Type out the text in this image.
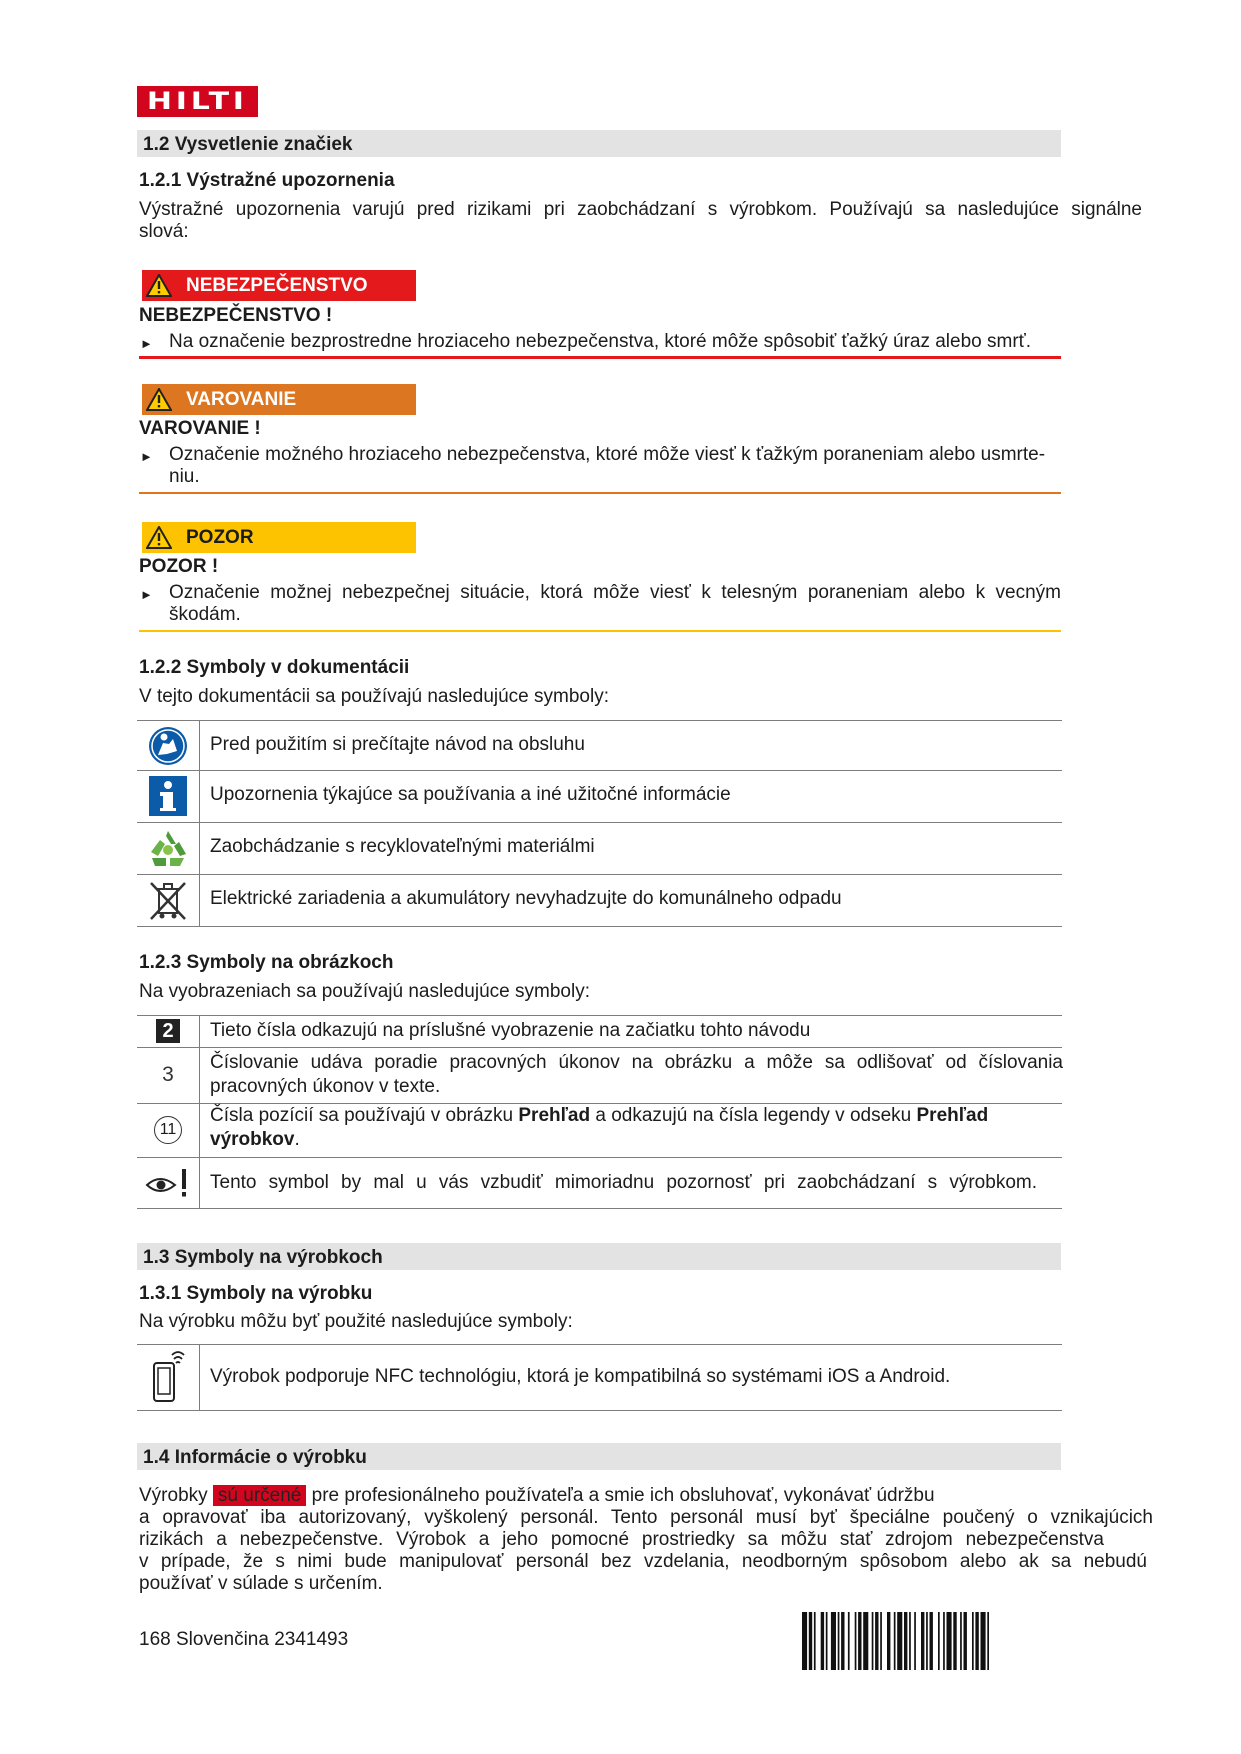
HILTI
1.2 Vysvetlenie značiek
1.2.1 Výstražné upozornenia
Výstražné upozornenia varujú pred rizikami pri zaobchádzaní s výrobkom. Používajú sa nasledujúce signálne
slová:
NEBEZPEČENSTVO
NEBEZPEČENSTVO !
► Na označenie bezprostredne hroziaceho nebezpečenstva, ktoré môže spôsobiť ťažký úraz alebo smrť.
VAROVANIE
VAROVANIE !
► Označenie možného hroziaceho nebezpečenstva, ktoré môže viesť k ťažkým poraneniam alebo usmrte-
niu.
POZOR
POZOR !
► Označenie možnej nebezpečnej situácie, ktorá môže viesť k telesným poraneniam alebo k vecným
škodám.
1.2.2 Symboly v dokumentácii
V tejto dokumentácii sa používajú nasledujúce symboly:
Pred použitím si prečítajte návod na obsluhu
Upozornenia týkajúce sa používania a iné užitočné informácie
Zaobchádzanie s recyklovateľnými materiálmi
Elektrické zariadenia a akumulátory nevyhadzujte do komunálneho odpadu
1.2.3 Symboly na obrázkoch
Na vyobrazeniach sa používajú nasledujúce symboly:
2	Tieto čísla odkazujú na príslušné vyobrazenie na začiatku tohto návodu
3
Číslovanie udáva poradie pracovných úkonov na obrázku a môže sa odlišovať od číslovania
pracovných úkonov v texte.
11
Čísla pozícií sa používajú v obrázku Prehľad a odkazujú na čísla legendy v odseku Prehľad
výrobkov.
Tento symbol by mal u vás vzbudiť mimoriadnu pozornosť pri zaobchádzaní s výrobkom.
1.3 Symboly na výrobkoch
1.3.1 Symboly na výrobku
Na výrobku môžu byť použité nasledujúce symboly:
Výrobok podporuje NFC technológiu, ktorá je kompatibilná so systémami iOS a Android.
1.4 Informácie o výrobku
Výrobky sú určené pre profesionálneho používateľa a smie ich obsluhovať, vykonávať údržbu
a opravovať iba autorizovaný, vyškolený personál. Tento personál musí byť špeciálne poučený o vznikajúcich
rizikách a nebezpečenstve. Výrobok a jeho pomocné prostriedky sa môžu stať zdrojom nebezpečenstva
v prípade, že s nimi bude manipulovať personál bez vzdelania, neodborným spôsobom alebo ak sa nebudú
používať v súlade s určením.
168 Slovenčina 2341493
